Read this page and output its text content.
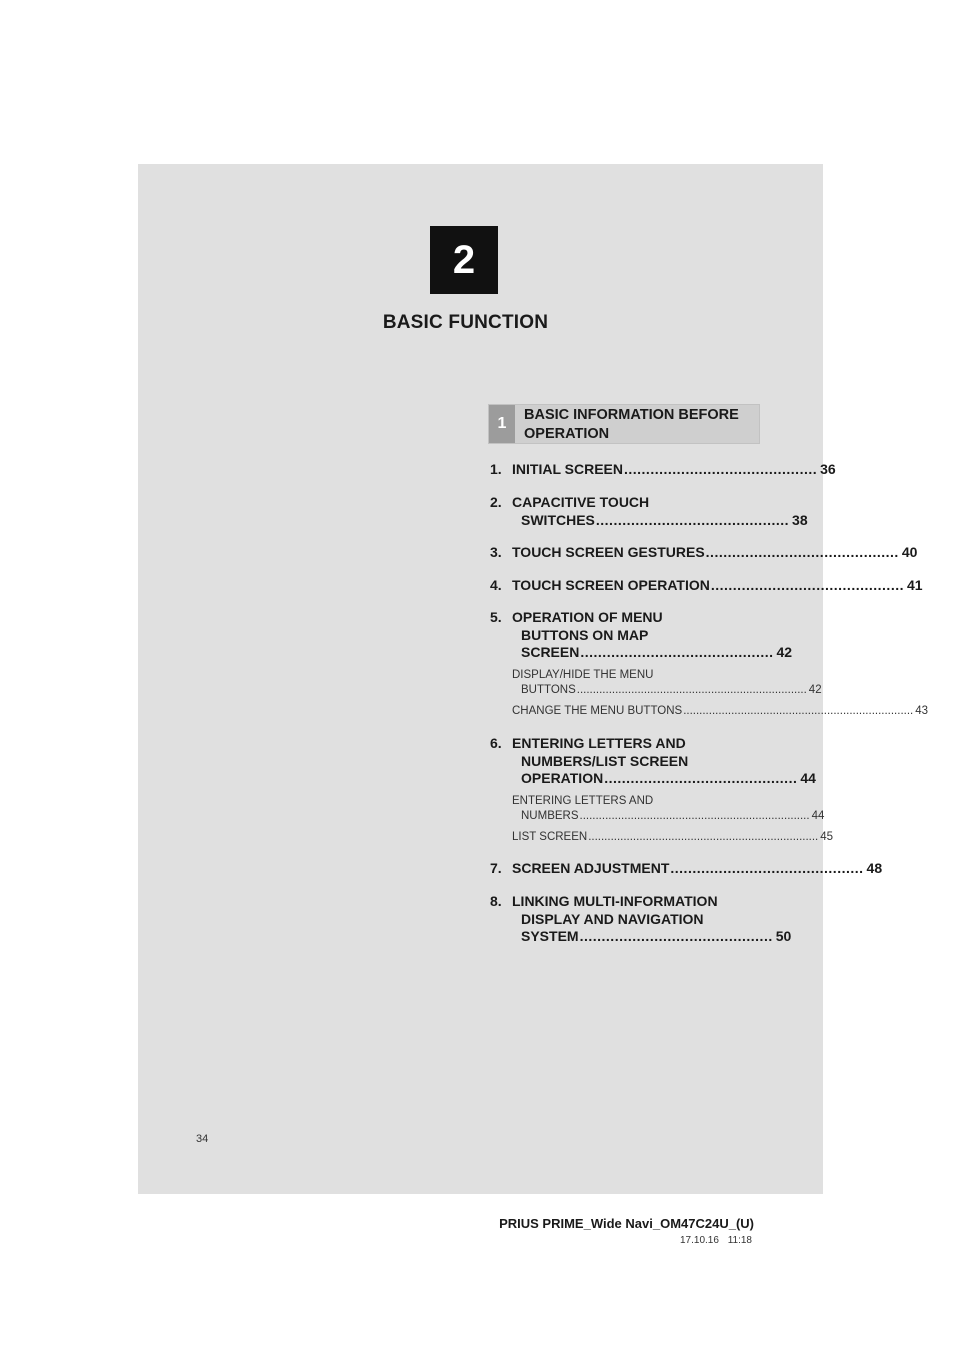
2
BASIC FUNCTION
1
BASIC INFORMATION BEFORE
OPERATION
1. INITIAL SCREEN ............................................ 36
2. CAPACITIVE TOUCH
SWITCHES ............................................ 38
3. TOUCH SCREEN GESTURES ............................................ 40
4. TOUCH SCREEN OPERATION ............................................ 41
5. OPERATION OF MENU
BUTTONS ON MAP
SCREEN ............................................ 42
DISPLAY/HIDE THE MENU
BUTTONS ........................................................................ 42
CHANGE THE MENU BUTTONS ........................................................................ 43
6. ENTERING LETTERS AND
NUMBERS/LIST SCREEN
OPERATION ............................................ 44
ENTERING LETTERS AND
NUMBERS ........................................................................ 44
LIST SCREEN ........................................................................ 45
7. SCREEN ADJUSTMENT ............................................ 48
8. LINKING MULTI-INFORMATION
DISPLAY AND NAVIGATION
SYSTEM ............................................ 50
34
PRIUS PRIME_Wide Navi_OM47C24U_(U)
17.10.16 11:18
